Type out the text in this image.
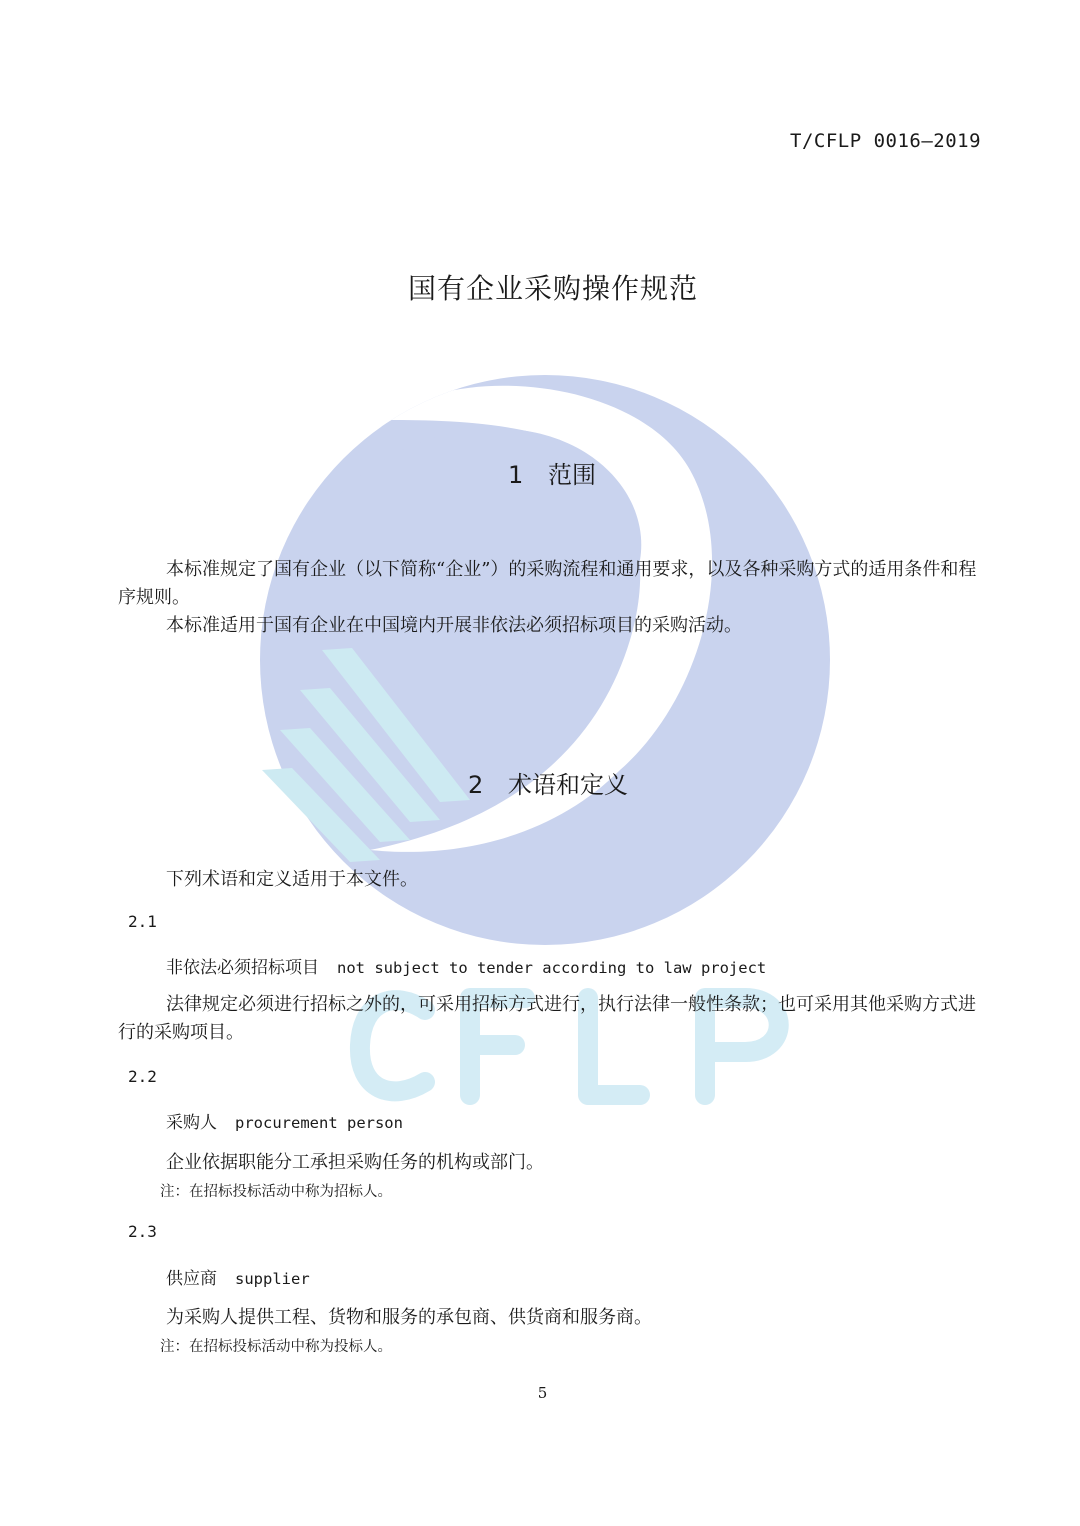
T/CFLP 0016—2019
国有企业采购操作规范
1 范围
本标准规定了国有企业（以下简称“企业”）的采购流程和通用要求，以及各种采购方式的适用条件和程序规则。
本标准适用于国有企业在中国境内开展非依法必须招标项目的采购活动。
2 术语和定义
下列术语和定义适用于本文件。
2.1
非依法必须招标项目 not subject to tender according to law project
法律规定必须进行招标之外的，可采用招标方式进行，执行法律一般性条款；也可采用其他采购方式进行的采购项目。
2.2
采购人 procurement person
企业依据职能分工承担采购任务的机构或部门。
注：在招标投标活动中称为招标人。
2.3
供应商 supplier
为采购人提供工程、货物和服务的承包商、供货商和服务商。
注：在招标投标活动中称为投标人。
5
